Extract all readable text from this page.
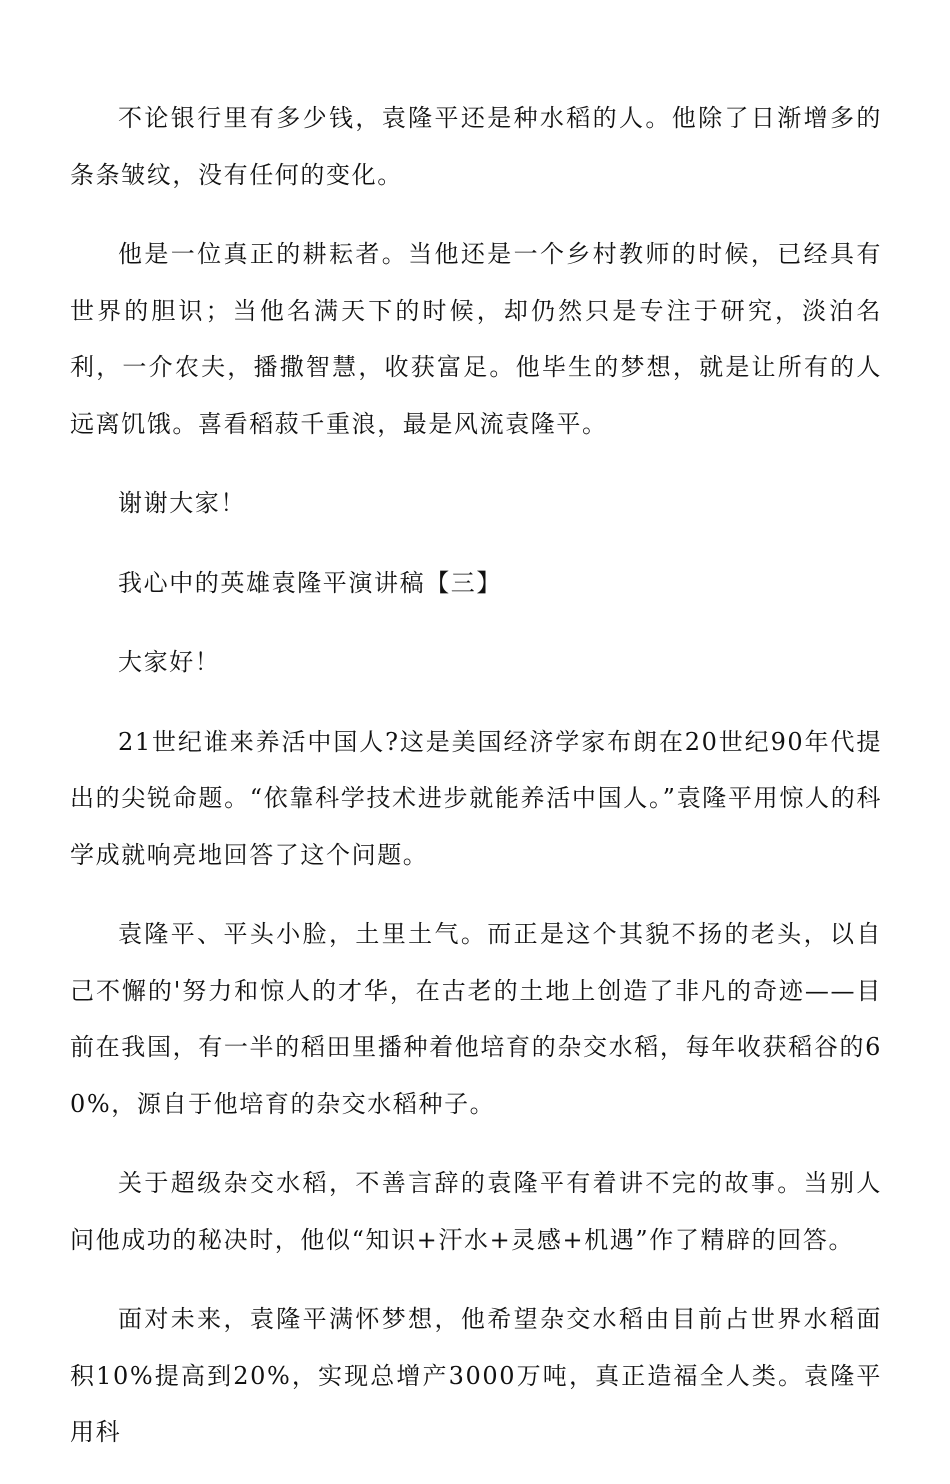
不论银行里有多少钱，袁隆平还是种水稻的人。他除了日渐增多的条条皱纹，没有任何的变化。

他是一位真正的耕耘者。当他还是一个乡村教师的时候，已经具有世界的胆识；当他名满天下的时候，却仍然只是专注于研究，淡泊名利，一介农夫，播撒智慧，收获富足。他毕生的梦想，就是让所有的人远离饥饿。喜看稻菽千重浪，最是风流袁隆平。

谢谢大家！

我心中的英雄袁隆平演讲稿【三】

大家好！

21世纪谁来养活中国人?这是美国经济学家布朗在20世纪90年代提出的尖锐命题。“依靠科学技术进步就能养活中国人。”袁隆平用惊人的科学成就响亮地回答了这个问题。

袁隆平、平头小脸，土里土气。而正是这个其貌不扬的老头，以自己不懈的'努力和惊人的才华，在古老的土地上创造了非凡的奇迹——目前在我国，有一半的稻田里播种着他培育的杂交水稻，每年收获稻谷的60%，源自于他培育的杂交水稻种子。

关于超级杂交水稻，不善言辞的袁隆平有着讲不完的故事。当别人问他成功的秘决时，他似“知识+汗水+灵感+机遇”作了精辟的回答。

面对未来，袁隆平满怀梦想，他希望杂交水稻由目前占世界水稻面积10%提高到20%，实现总增产3000万吨，真正造福全人类。袁隆平用科
